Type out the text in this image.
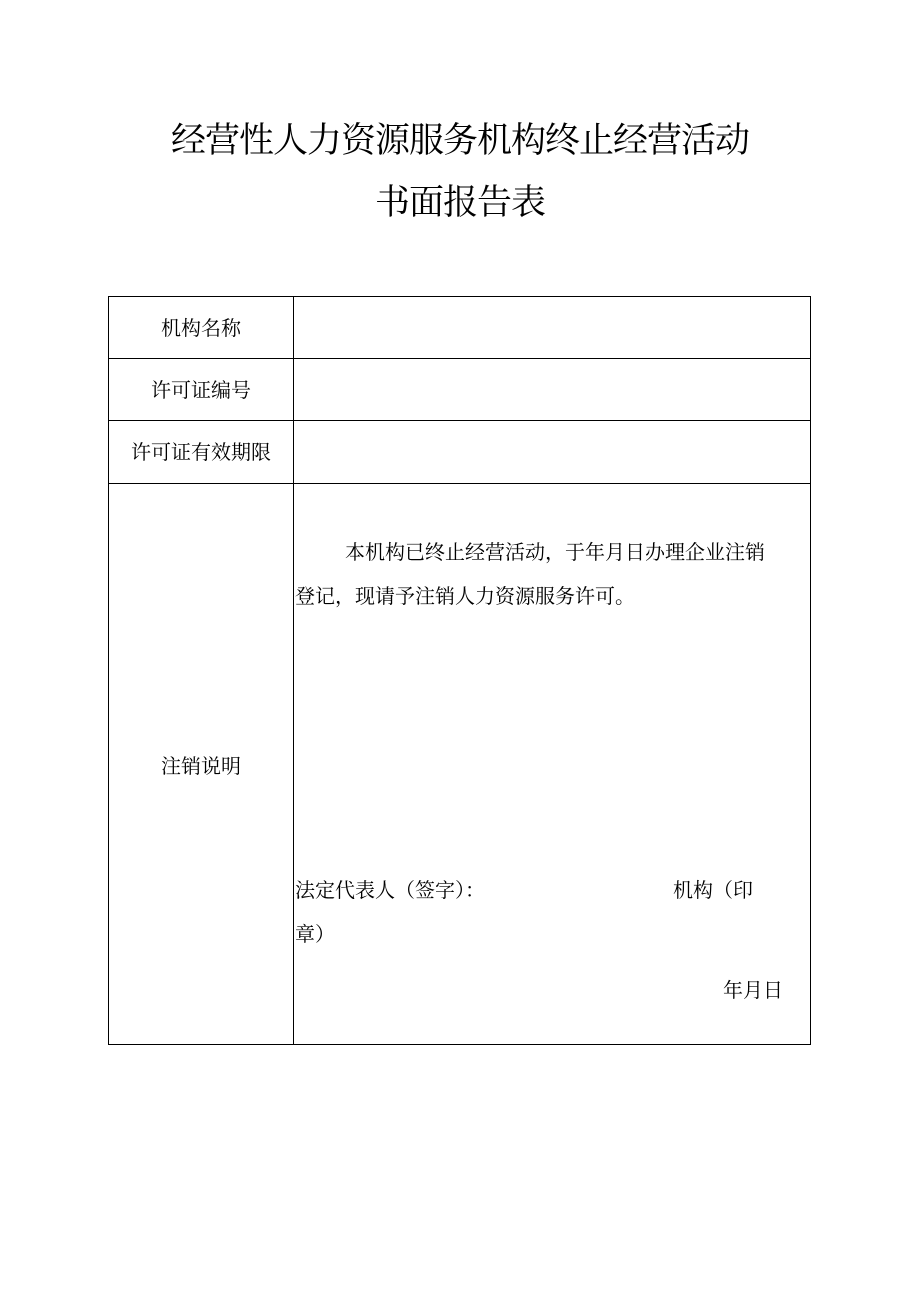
经营性人力资源服务机构终止经营活动
书面报告表
机构名称
许可证编号
许可证有效期限
注销说明
本机构已终止经营活动，于年月日办理企业注销
登记，现请予注销人力资源服务许可。
法定代表人（签字）：	机构（印
章）
年月日
